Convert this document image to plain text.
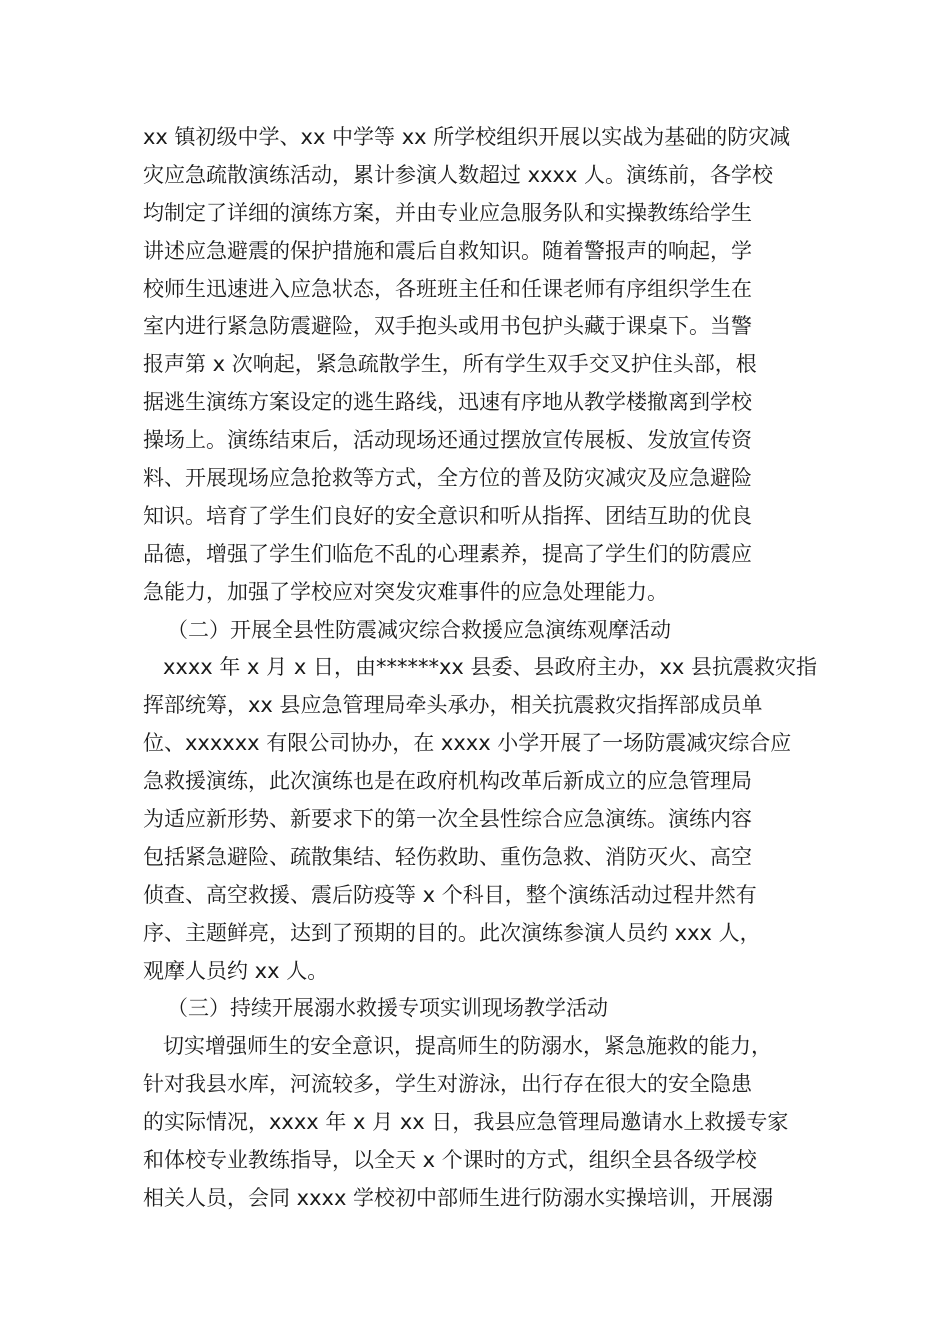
xx 镇初级中学、xx 中学等 xx 所学校组织开展以实战为基础的防灾减
灾应急疏散演练活动，累计参演人数超过 xxxx 人。演练前，各学校
均制定了详细的演练方案，并由专业应急服务队和实操教练给学生
讲述应急避震的保护措施和震后自救知识。随着警报声的响起，学
校师生迅速进入应急状态，各班班主任和任课老师有序组织学生在
室内进行紧急防震避险，双手抱头或用书包护头藏于课桌下。当警
报声第 x 次响起，紧急疏散学生，所有学生双手交叉护住头部，根
据逃生演练方案设定的逃生路线，迅速有序地从教学楼撤离到学校
操场上。演练结束后，活动现场还通过摆放宣传展板、发放宣传资
料、开展现场应急抢救等方式，全方位的普及防灾减灾及应急避险
知识。培育了学生们良好的安全意识和听从指挥、团结互助的优良
品德，增强了学生们临危不乱的心理素养，提高了学生们的防震应
急能力，加强了学校应对突发灾难事件的应急处理能力。
（二）开展全县性防震减灾综合救援应急演练观摩活动
xxxx 年 x 月 x 日，由******xx 县委、县政府主办，xx 县抗震救灾指
挥部统筹，xx 县应急管理局牵头承办，相关抗震救灾指挥部成员单
位、xxxxxx 有限公司协办，在 xxxx 小学开展了一场防震减灾综合应
急救援演练，此次演练也是在政府机构改革后新成立的应急管理局
为适应新形势、新要求下的第一次全县性综合应急演练。演练内容
包括紧急避险、疏散集结、轻伤救助、重伤急救、消防灭火、高空
侦查、高空救援、震后防疫等 x 个科目，整个演练活动过程井然有
序、主题鲜亮，达到了预期的目的。此次演练参演人员约 xxx 人，
观摩人员约 xx 人。
（三）持续开展溺水救援专项实训现场教学活动
切实增强师生的安全意识，提高师生的防溺水，紧急施救的能力，
针对我县水库，河流较多，学生对游泳，出行存在很大的安全隐患
的实际情况，xxxx 年 x 月 xx 日，我县应急管理局邀请水上救援专家
和体校专业教练指导，以全天 x 个课时的方式，组织全县各级学校
相关人员，会同 xxxx 学校初中部师生进行防溺水实操培训，开展溺
